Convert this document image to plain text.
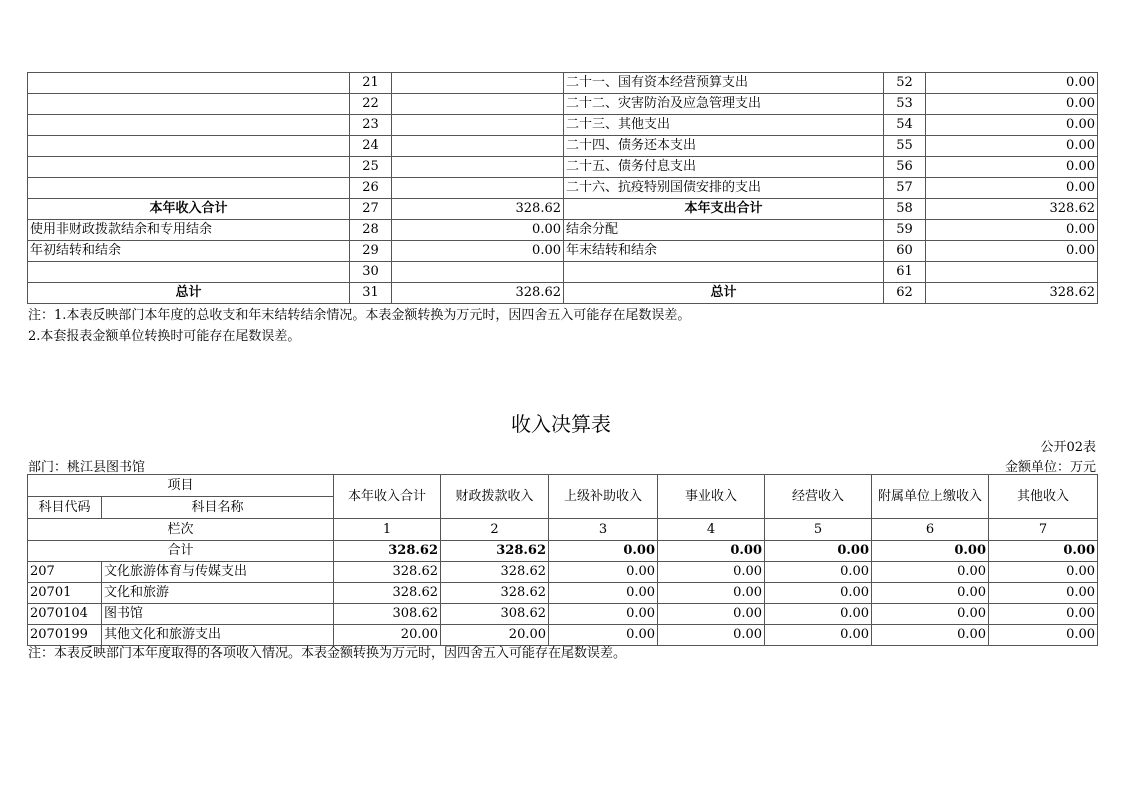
	21		二十一、国有资本经营预算支出	52	0.00
	22		二十二、灾害防治及应急管理支出	53	0.00
	23		二十三、其他支出	54	0.00
	24		二十四、债务还本支出	55	0.00
	25		二十五、债务付息支出	56	0.00
	26		二十六、抗疫特别国债安排的支出	57	0.00
本年收入合计	27	328.62	本年支出合计	58	328.62
使用非财政拨款结余和专用结余	28	0.00	结余分配	59	0.00
年初结转和结余	29	0.00	年末结转和结余	60	0.00
	30			61	
总计	31	328.62	总计	62	328.62
注：1.本表反映部门本年度的总收支和年末结转结余情况。本表金额转换为万元时，因四舍五入可能存在尾数误差。
2.本套报表金额单位转换时可能存在尾数误差。
收入决算表
公开02表
部门：桃江县图书馆	金额单位：万元
项目		本年收入合计	财政拨款收入	上级补助收入	事业收入	经营收入	附属单位上缴收入	其他收入
科目代码	科目名称							
栏次		1	2	3	4	5	6	7
合计		328.62	328.62	0.00	0.00	0.00	0.00	0.00
207	文化旅游体育与传媒支出	328.62	328.62	0.00	0.00	0.00	0.00	0.00
20701	文化和旅游	328.62	328.62	0.00	0.00	0.00	0.00	0.00
2070104	图书馆	308.62	308.62	0.00	0.00	0.00	0.00	0.00
2070199	其他文化和旅游支出	20.00	20.00	0.00	0.00	0.00	0.00	0.00
注：本表反映部门本年度取得的各项收入情况。本表金额转换为万元时，因四舍五入可能存在尾数误差。
